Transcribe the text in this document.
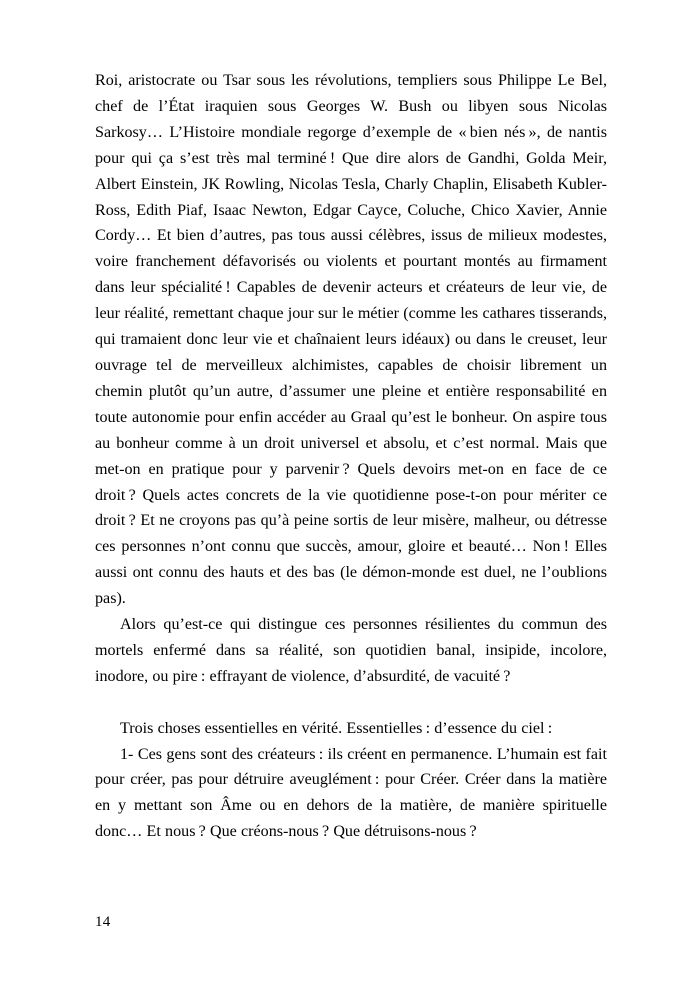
Roi, aristocrate ou Tsar sous les révolutions, templiers sous Philippe Le Bel, chef de l’État iraquien sous Georges W. Bush ou libyen sous Nicolas Sarkosy… L’Histoire mondiale regorge d’exemple de « bien nés », de nantis pour qui ça s’est très mal terminé ! Que dire alors de Gandhi, Golda Meir, Albert Einstein, JK Rowling, Nicolas Tesla, Charly Chaplin, Elisabeth Kubler-Ross, Edith Piaf, Isaac Newton, Edgar Cayce, Coluche, Chico Xavier, Annie Cordy… Et bien d’autres, pas tous aussi célèbres, issus de milieux modestes, voire franchement défavorisés ou violents et pourtant montés au firmament dans leur spécialité ! Capables de devenir acteurs et créateurs de leur vie, de leur réalité, remettant chaque jour sur le métier (comme les cathares tisserands, qui tramaient donc leur vie et chaînaient leurs idéaux) ou dans le creuset, leur ouvrage tel de merveilleux alchimistes, capables de choisir librement un chemin plutôt qu’un autre, d’assumer une pleine et entière responsabilité en toute autonomie pour enfin accéder au Graal qu’est le bonheur. On aspire tous au bonheur comme à un droit universel et absolu, et c’est normal. Mais que met-on en pratique pour y parvenir ? Quels devoirs met-on en face de ce droit ? Quels actes concrets de la vie quotidienne pose-t-on pour mériter ce droit ? Et ne croyons pas qu’à peine sortis de leur misère, malheur, ou détresse ces personnes n’ont connu que succès, amour, gloire et beauté… Non ! Elles aussi ont connu des hauts et des bas (le démon-monde est duel, ne l’oublions pas).

Alors qu’est-ce qui distingue ces personnes résilientes du commun des mortels enfermé dans sa réalité, son quotidien banal, insipide, incolore, inodore, ou pire : effrayant de violence, d’absurdité, de vacuité ?

Trois choses essentielles en vérité. Essentielles : d’essence du ciel :

1- Ces gens sont des créateurs : ils créent en permanence. L’humain est fait pour créer, pas pour détruire aveuglément : pour Créer. Créer dans la matière en y mettant son Âme ou en dehors de la matière, de manière spirituelle donc… Et nous ? Que créons-nous ? Que détruisons-nous ?

14
